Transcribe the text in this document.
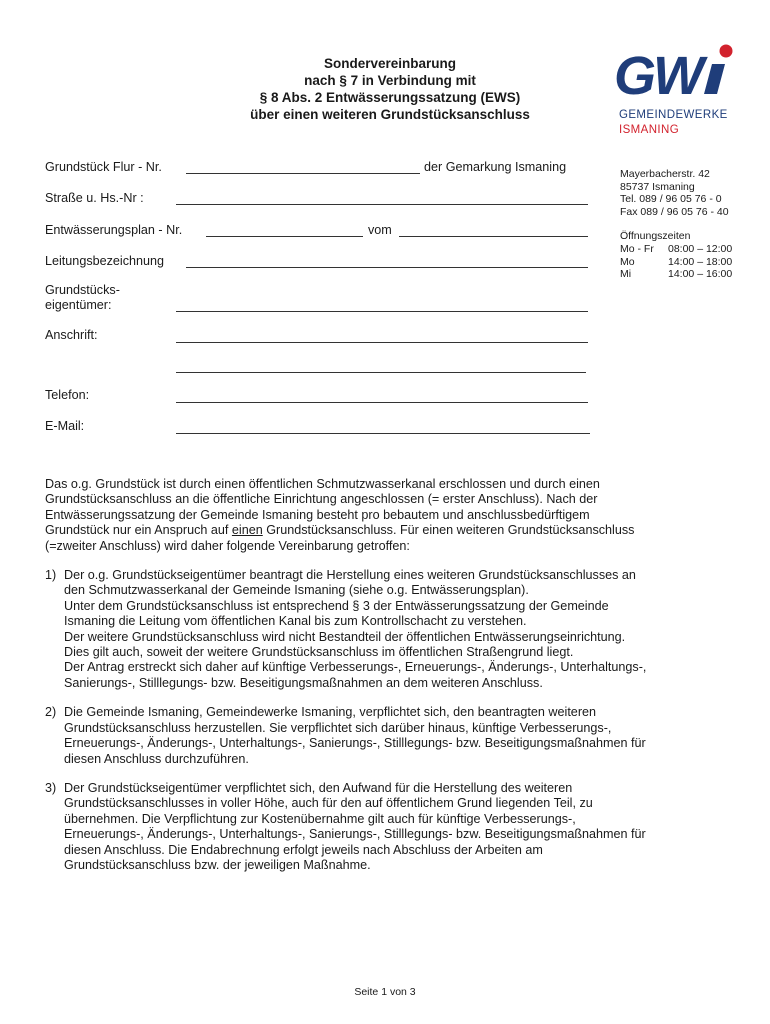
Sondervereinbarung
nach § 7 in Verbindung mit
§ 8 Abs. 2 Entwässerungssatzung (EWS)
über einen weiteren Grundstücksanschluss
GW
GEMEINDEWERKE
ISMANING
Mayerbacherstr. 42
85737 Ismaning
Tel. 089 / 96 05 76 - 0
Fax 089 / 96 05 76 - 40
Öffnungszeiten
Mo - Fr	08:00 – 12:00
Mo	14:00 – 18:00
Mi	14:00 – 16:00
Grundstück Flur - Nr.	der Gemarkung Ismaning
Straße u. Hs.-Nr :
Entwässerungsplan - Nr.	vom
Leitungsbezeichnung
Grundstücks-
eigentümer:
Anschrift:
Telefon:
E-Mail:
Das o.g. Grundstück ist durch einen öffentlichen Schmutzwasserkanal erschlossen und durch einen
Grundstücksanschluss an die öffentliche Einrichtung angeschlossen (= erster Anschluss). Nach der
Entwässerungssatzung der Gemeinde Ismaning besteht pro bebautem und anschlussbedürftigem
Grundstück nur ein Anspruch auf einen Grundstücksanschluss. Für einen weiteren Grundstücksanschluss
(=zweiter Anschluss) wird daher folgende Vereinbarung getroffen:
1) Der o.g. Grundstückseigentümer beantragt die Herstellung eines weiteren Grundstücksanschlusses an
den Schmutzwasserkanal der Gemeinde Ismaning (siehe o.g. Entwässerungsplan).
Unter dem Grundstücksanschluss ist entsprechend § 3 der Entwässerungssatzung der Gemeinde
Ismaning die Leitung vom öffentlichen Kanal bis zum Kontrollschacht zu verstehen.
Der weitere Grundstücksanschluss wird nicht Bestandteil der öffentlichen Entwässerungseinrichtung.
Dies gilt auch, soweit der weitere Grundstücksanschluss im öffentlichen Straßengrund liegt.
Der Antrag erstreckt sich daher auf künftige Verbesserungs-, Erneuerungs-, Änderungs-, Unterhaltungs-,
Sanierungs-, Stilllegungs- bzw. Beseitigungsmaßnahmen an dem weiteren Anschluss.
2) Die Gemeinde Ismaning, Gemeindewerke Ismaning, verpflichtet sich, den beantragten weiteren
Grundstücksanschluss herzustellen. Sie verpflichtet sich darüber hinaus, künftige Verbesserungs-,
Erneuerungs-, Änderungs-, Unterhaltungs-, Sanierungs-, Stilllegungs- bzw. Beseitigungsmaßnahmen für
diesen Anschluss durchzuführen.
3) Der Grundstückseigentümer verpflichtet sich, den Aufwand für die Herstellung des weiteren
Grundstücksanschlusses in voller Höhe, auch für den auf öffentlichem Grund liegenden Teil, zu
übernehmen. Die Verpflichtung zur Kostenübernahme gilt auch für künftige Verbesserungs-,
Erneuerungs-, Änderungs-, Unterhaltungs-, Sanierungs-, Stilllegungs- bzw. Beseitigungsmaßnahmen für
diesen Anschluss. Die Endabrechnung erfolgt jeweils nach Abschluss der Arbeiten am
Grundstücksanschluss bzw. der jeweiligen Maßnahme.
Seite 1 von 3
